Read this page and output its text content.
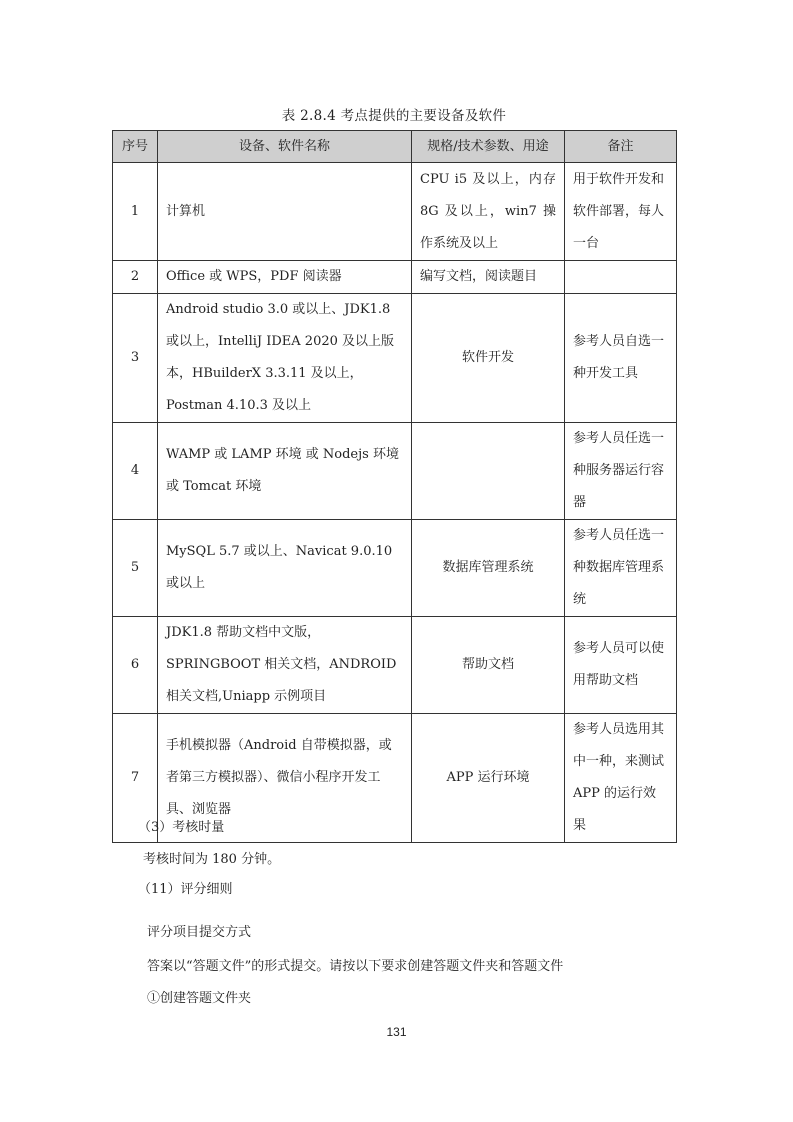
表 2.8.4 考点提供的主要设备及软件
序号	设备、软件名称	规格/技术参数、用途	备注
1	计算机	CPU i5 及以上，内存 8G 及以上，win7 操作系统及以上	用于软件开发和软件部署，每人一台
2	Office 或 WPS，PDF 阅读器	编写文档，阅读题目	
3	Android studio 3.0 或以上、JDK1.8 或以上，IntelliJ IDEA 2020 及以上版本，HBuilderX 3.3.11 及以上，Postman 4.10.3 及以上	软件开发	参考人员自选一种开发工具
4	WAMP 或 LAMP 环境 或 Nodejs 环境 或 Tomcat 环境		参考人员任选一种服务器运行容器
5	MySQL 5.7 或以上、Navicat 9.0.10 或以上	数据库管理系统	参考人员任选一种数据库管理系统
6	JDK1.8 帮助文档中文版，SPRINGBOOT 相关文档，ANDROID 相关文档,Uniapp 示例项目	帮助文档	参考人员可以使用帮助文档
7	手机模拟器（Android 自带模拟器，或者第三方模拟器）、微信小程序开发工具、浏览器	APP 运行环境	参考人员选用其中一种，来测试 APP 的运行效果
（3）考核时量
考核时间为 180 分钟。
（11）评分细则
评分项目提交方式
答案以“答题文件”的形式提交。请按以下要求创建答题文件夹和答题文件
①创建答题文件夹
131
